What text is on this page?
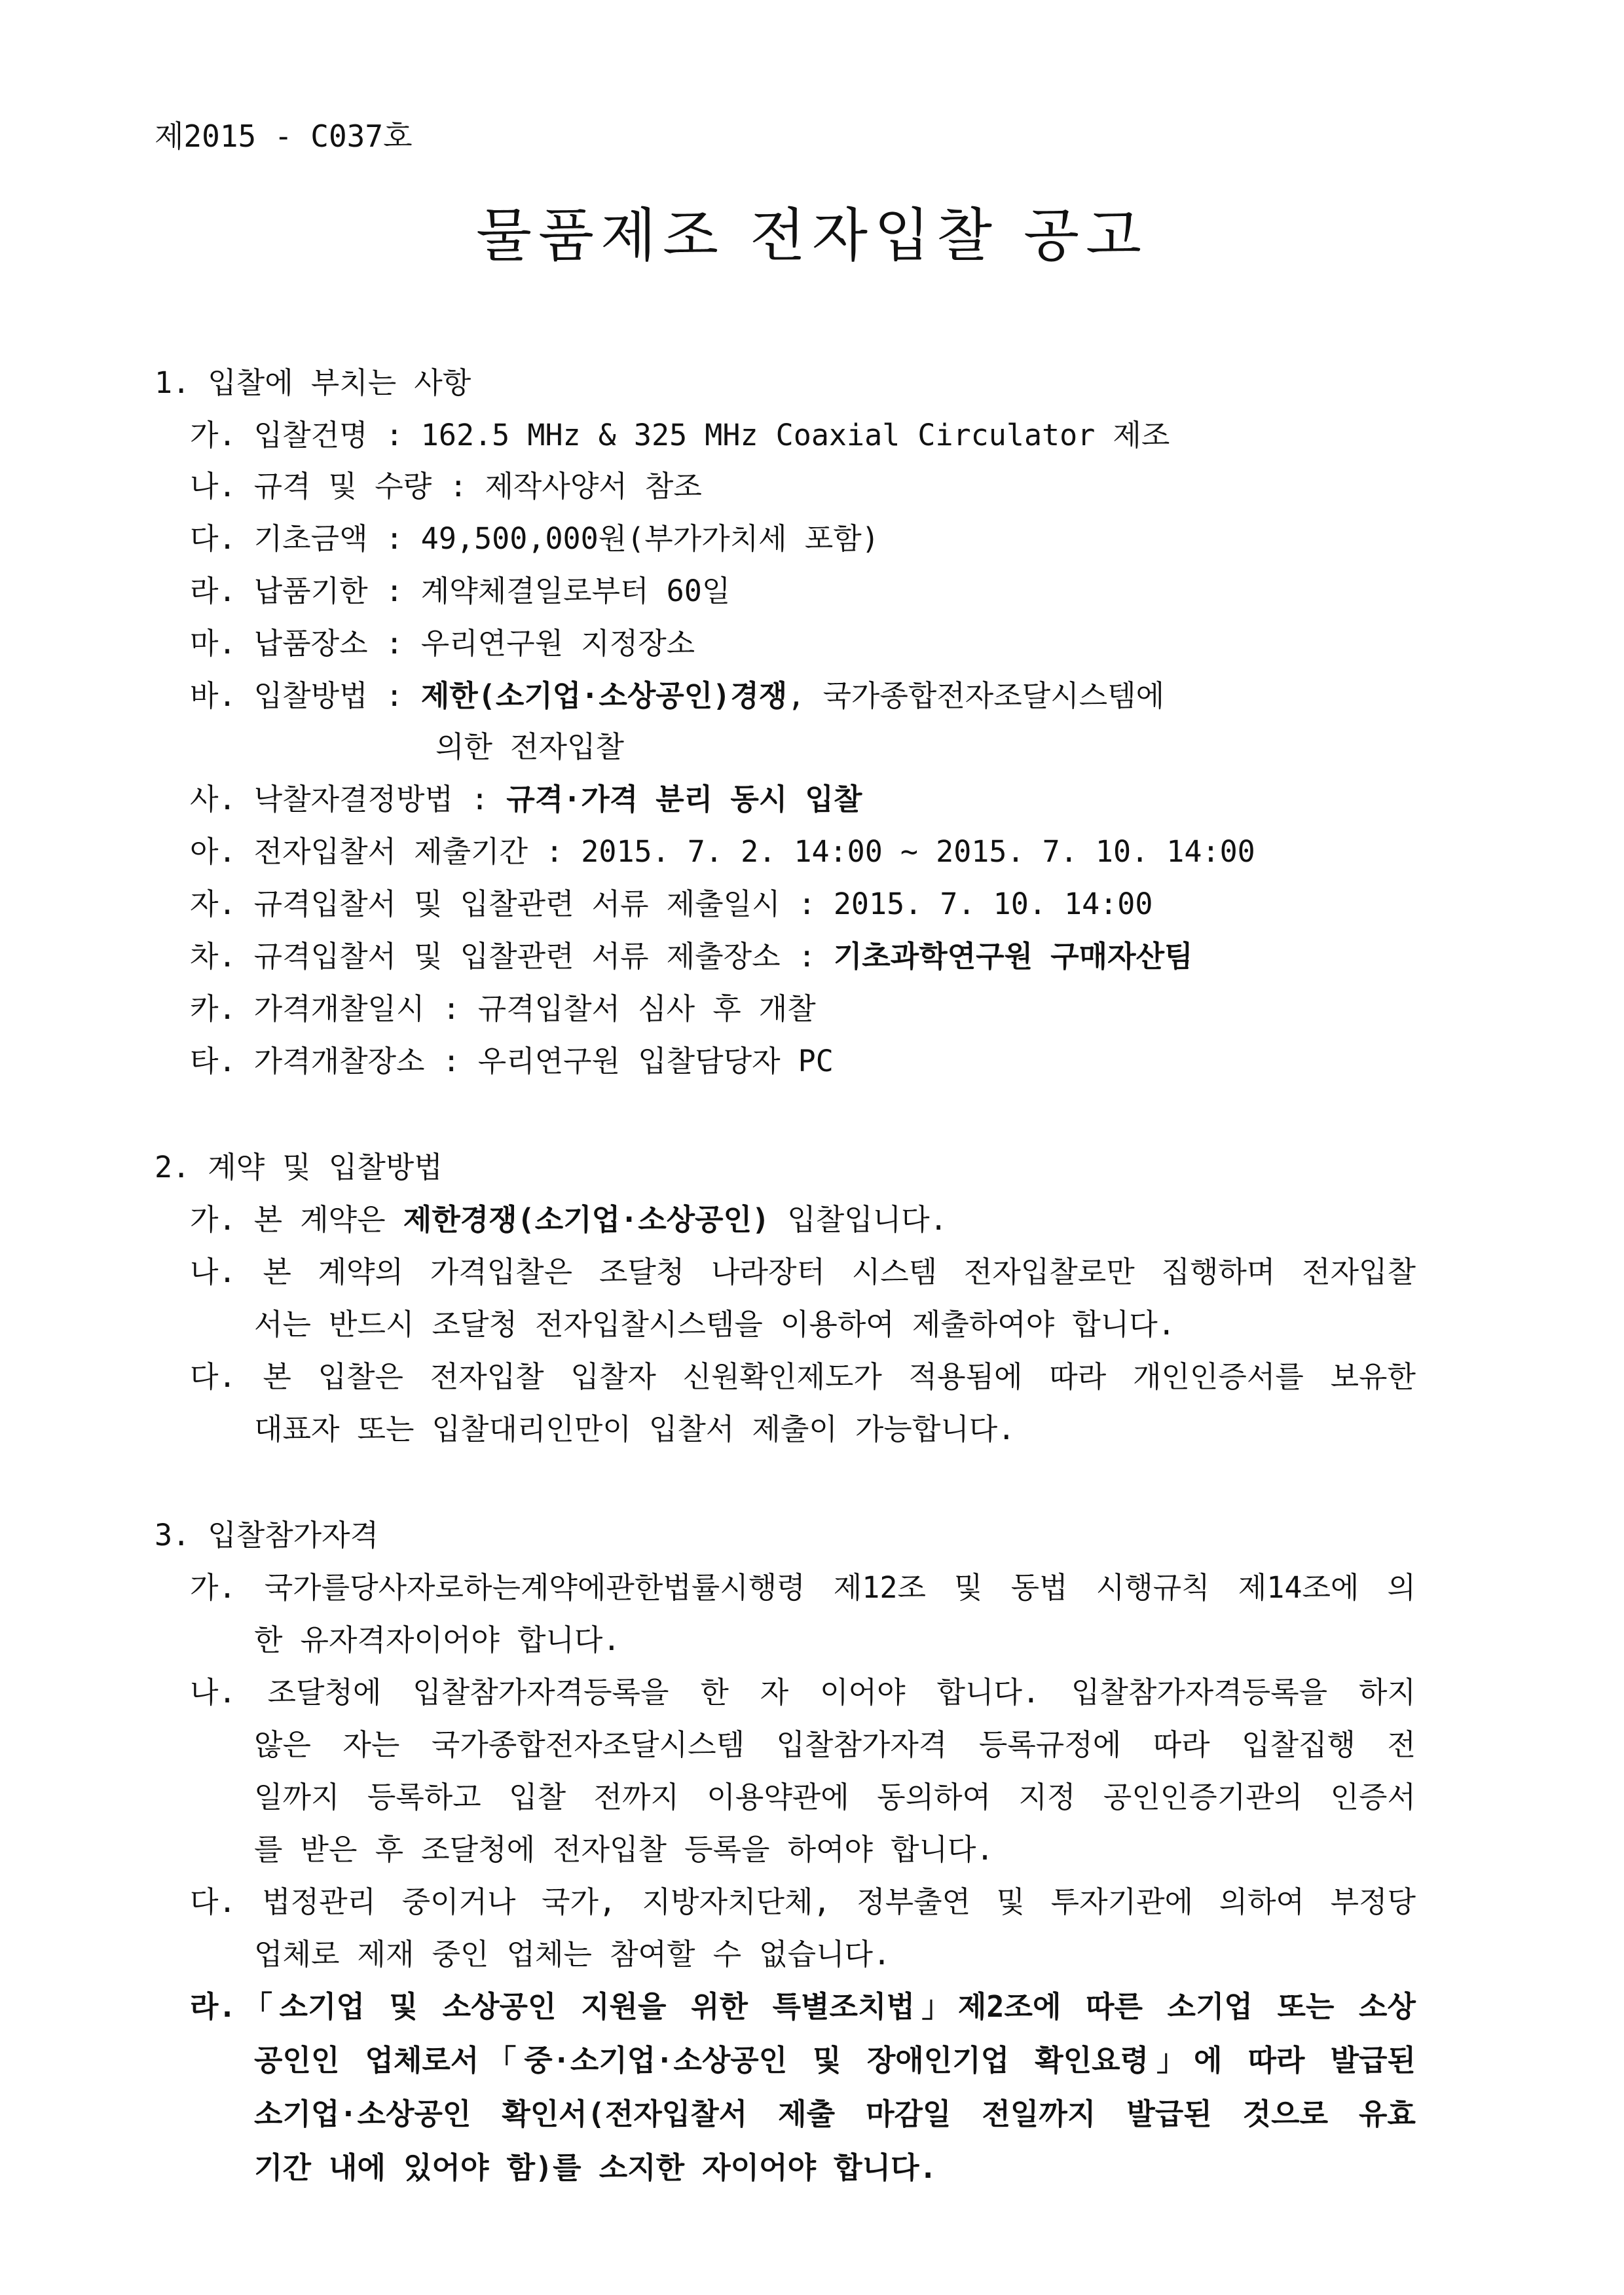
제2015 - C037호
물품제조 전자입찰 공고
1. 입찰에 부치는 사항
가. 입찰건명 : 162.5 MHz & 325 MHz Coaxial Circulator 제조
나. 규격 및 수량 : 제작사양서 참조
다. 기초금액 : 49,500,000원(부가가치세 포함)
라. 납품기한 : 계약체결일로부터 60일
마. 납품장소 : 우리연구원 지정장소
바. 입찰방법 : 제한(소기업·소상공인)경쟁, 국가종합전자조달시스템에
의한 전자입찰
사. 낙찰자결정방법 : 규격·가격 분리 동시 입찰
아. 전자입찰서 제출기간 : 2015. 7. 2. 14:00 ~ 2015. 7. 10. 14:00
자. 규격입찰서 및 입찰관련 서류 제출일시 : 2015. 7. 10. 14:00
차. 규격입찰서 및 입찰관련 서류 제출장소 : 기초과학연구원 구매자산팀
카. 가격개찰일시 : 규격입찰서 심사 후 개찰
타. 가격개찰장소 : 우리연구원 입찰담당자 PC
2. 계약 및 입찰방법
가. 본 계약은 제한경쟁(소기업·소상공인) 입찰입니다.
나. 본 계약의 가격입찰은 조달청 나라장터 시스템 전자입찰로만 집행하며 전자입찰
서는 반드시 조달청 전자입찰시스템을 이용하여 제출하여야 합니다.
다. 본 입찰은 전자입찰 입찰자 신원확인제도가 적용됨에 따라 개인인증서를 보유한
대표자 또는 입찰대리인만이 입찰서 제출이 가능합니다.
3. 입찰참가자격
가. 국가를당사자로하는계약에관한법률시행령 제12조 및 동법 시행규칙 제14조에 의
한 유자격자이어야 합니다.
나. 조달청에 입찰참가자격등록을 한 자 이어야 합니다. 입찰참가자격등록을 하지
않은 자는 국가종합전자조달시스템 입찰참가자격 등록규정에 따라 입찰집행 전
일까지 등록하고 입찰 전까지 이용약관에 동의하여 지정 공인인증기관의 인증서
를 받은 후 조달청에 전자입찰 등록을 하여야 합니다.
다. 법정관리 중이거나 국가, 지방자치단체, 정부출연 및 투자기관에 의하여 부정당
업체로 제재 중인 업체는 참여할 수 없습니다.
라.「소기업 및 소상공인 지원을 위한 특별조치법」제2조에 따른 소기업 또는 소상
공인인 업체로서「중·소기업·소상공인 및 장애인기업 확인요령」에 따라 발급된
소기업·소상공인 확인서(전자입찰서 제출 마감일 전일까지 발급된 것으로 유효
기간 내에 있어야 함)를 소지한 자이어야 합니다.
